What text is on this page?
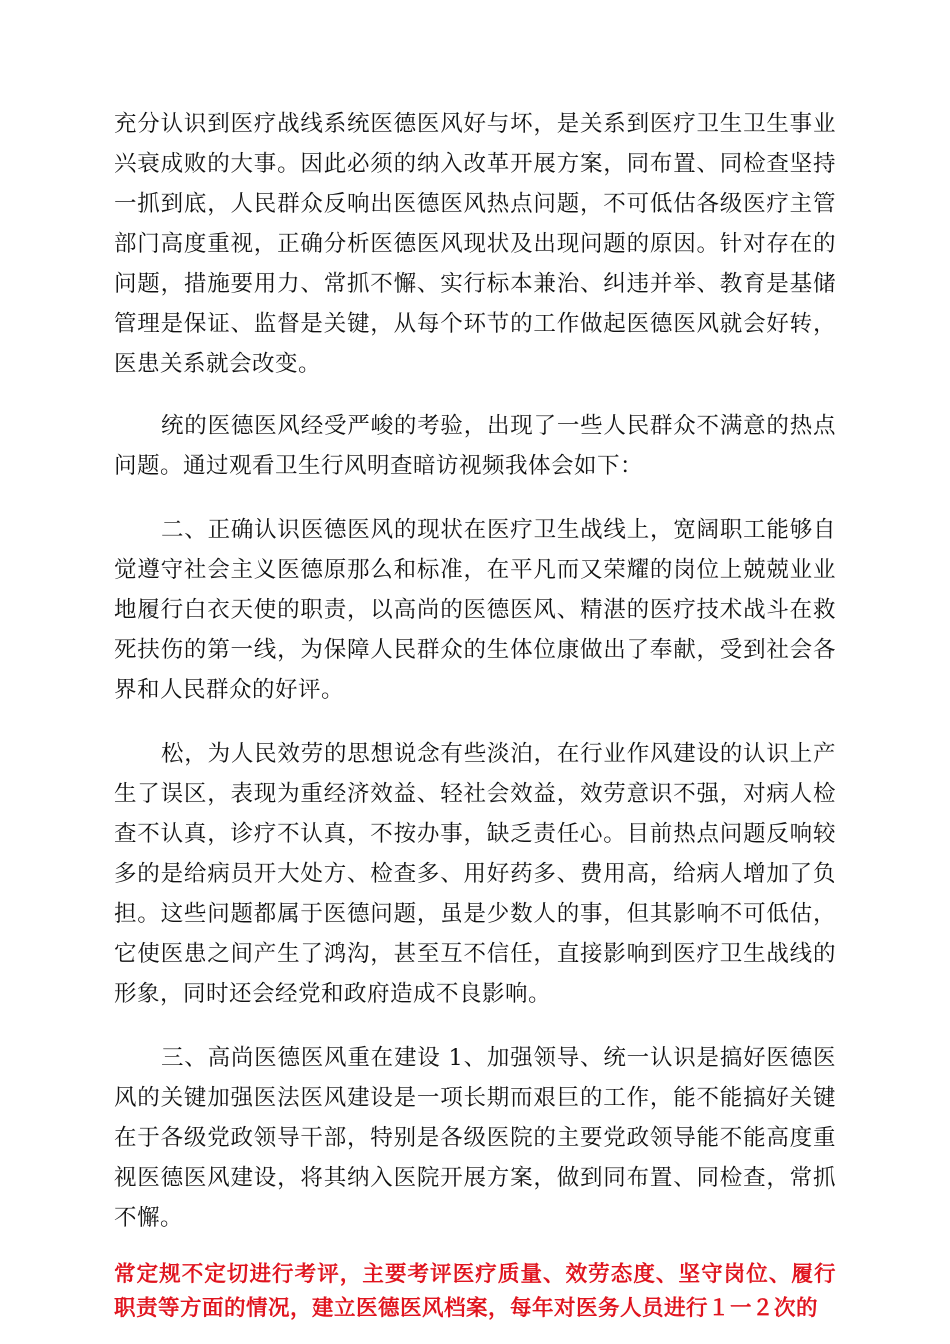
充分认识到医疗战线系统医德医风好与坏，是关系到医疗卫生卫生事业兴衰成败的大事。因此必须的纳入改革开展方案，同布置、同检查坚持一抓到底，人民群众反响出医德医风热点问题，不可低估各级医疗主管部门高度重视，正确分析医德医风现状及出现问题的原因。针对存在的问题，措施要用力、常抓不懈、实行标本兼治、纠违并举、教育是基储管理是保证、监督是关键，从每个环节的工作做起医德医风就会好转，医患关系就会改变。

统的医德医风经受严峻的考验，出现了一些人民群众不满意的热点问题。通过观看卫生行风明查暗访视频我体会如下：

二、正确认识医德医风的现状在医疗卫生战线上，宽阔职工能够自觉遵守社会主义医德原那么和标准，在平凡而又荣耀的岗位上兢兢业业地履行白衣天使的职责，以高尚的医德医风、精湛的医疗技术战斗在救死扶伤的第一线，为保障人民群众的生体位康做出了奉献，受到社会各界和人民群众的好评。

松，为人民效劳的思想说念有些淡泊，在行业作风建设的认识上产生了误区，表现为重经济效益、轻社会效益，效劳意识不强，对病人检查不认真，诊疗不认真，不按办事，缺乏责任心。目前热点问题反响较多的是给病员开大处方、检查多、用好药多、费用高，给病人增加了负担。这些问题都属于医德问题，虽是少数人的事，但其影响不可低估，它使医患之间产生了鸿沟，甚至互不信任，直接影响到医疗卫生战线的形象，同时还会经党和政府造成不良影响。

三、高尚医德医风重在建设 1、加强领导、统一认识是搞好医德医风的关键加强医法医风建设是一项长期而艰巨的工作，能不能搞好关键在于各级党政领导干部，特别是各级医院的主要党政领导能不能高度重视医德医风建设，将其纳入医院开展方案，做到同布置、同检查，常抓不懈。

常定规不定切进行考评，主要考评医疗质量、效劳态度、坚守岗位、履行职责等方面的情况，建立医德医风档案，每年对医务人员进行１一２次的
